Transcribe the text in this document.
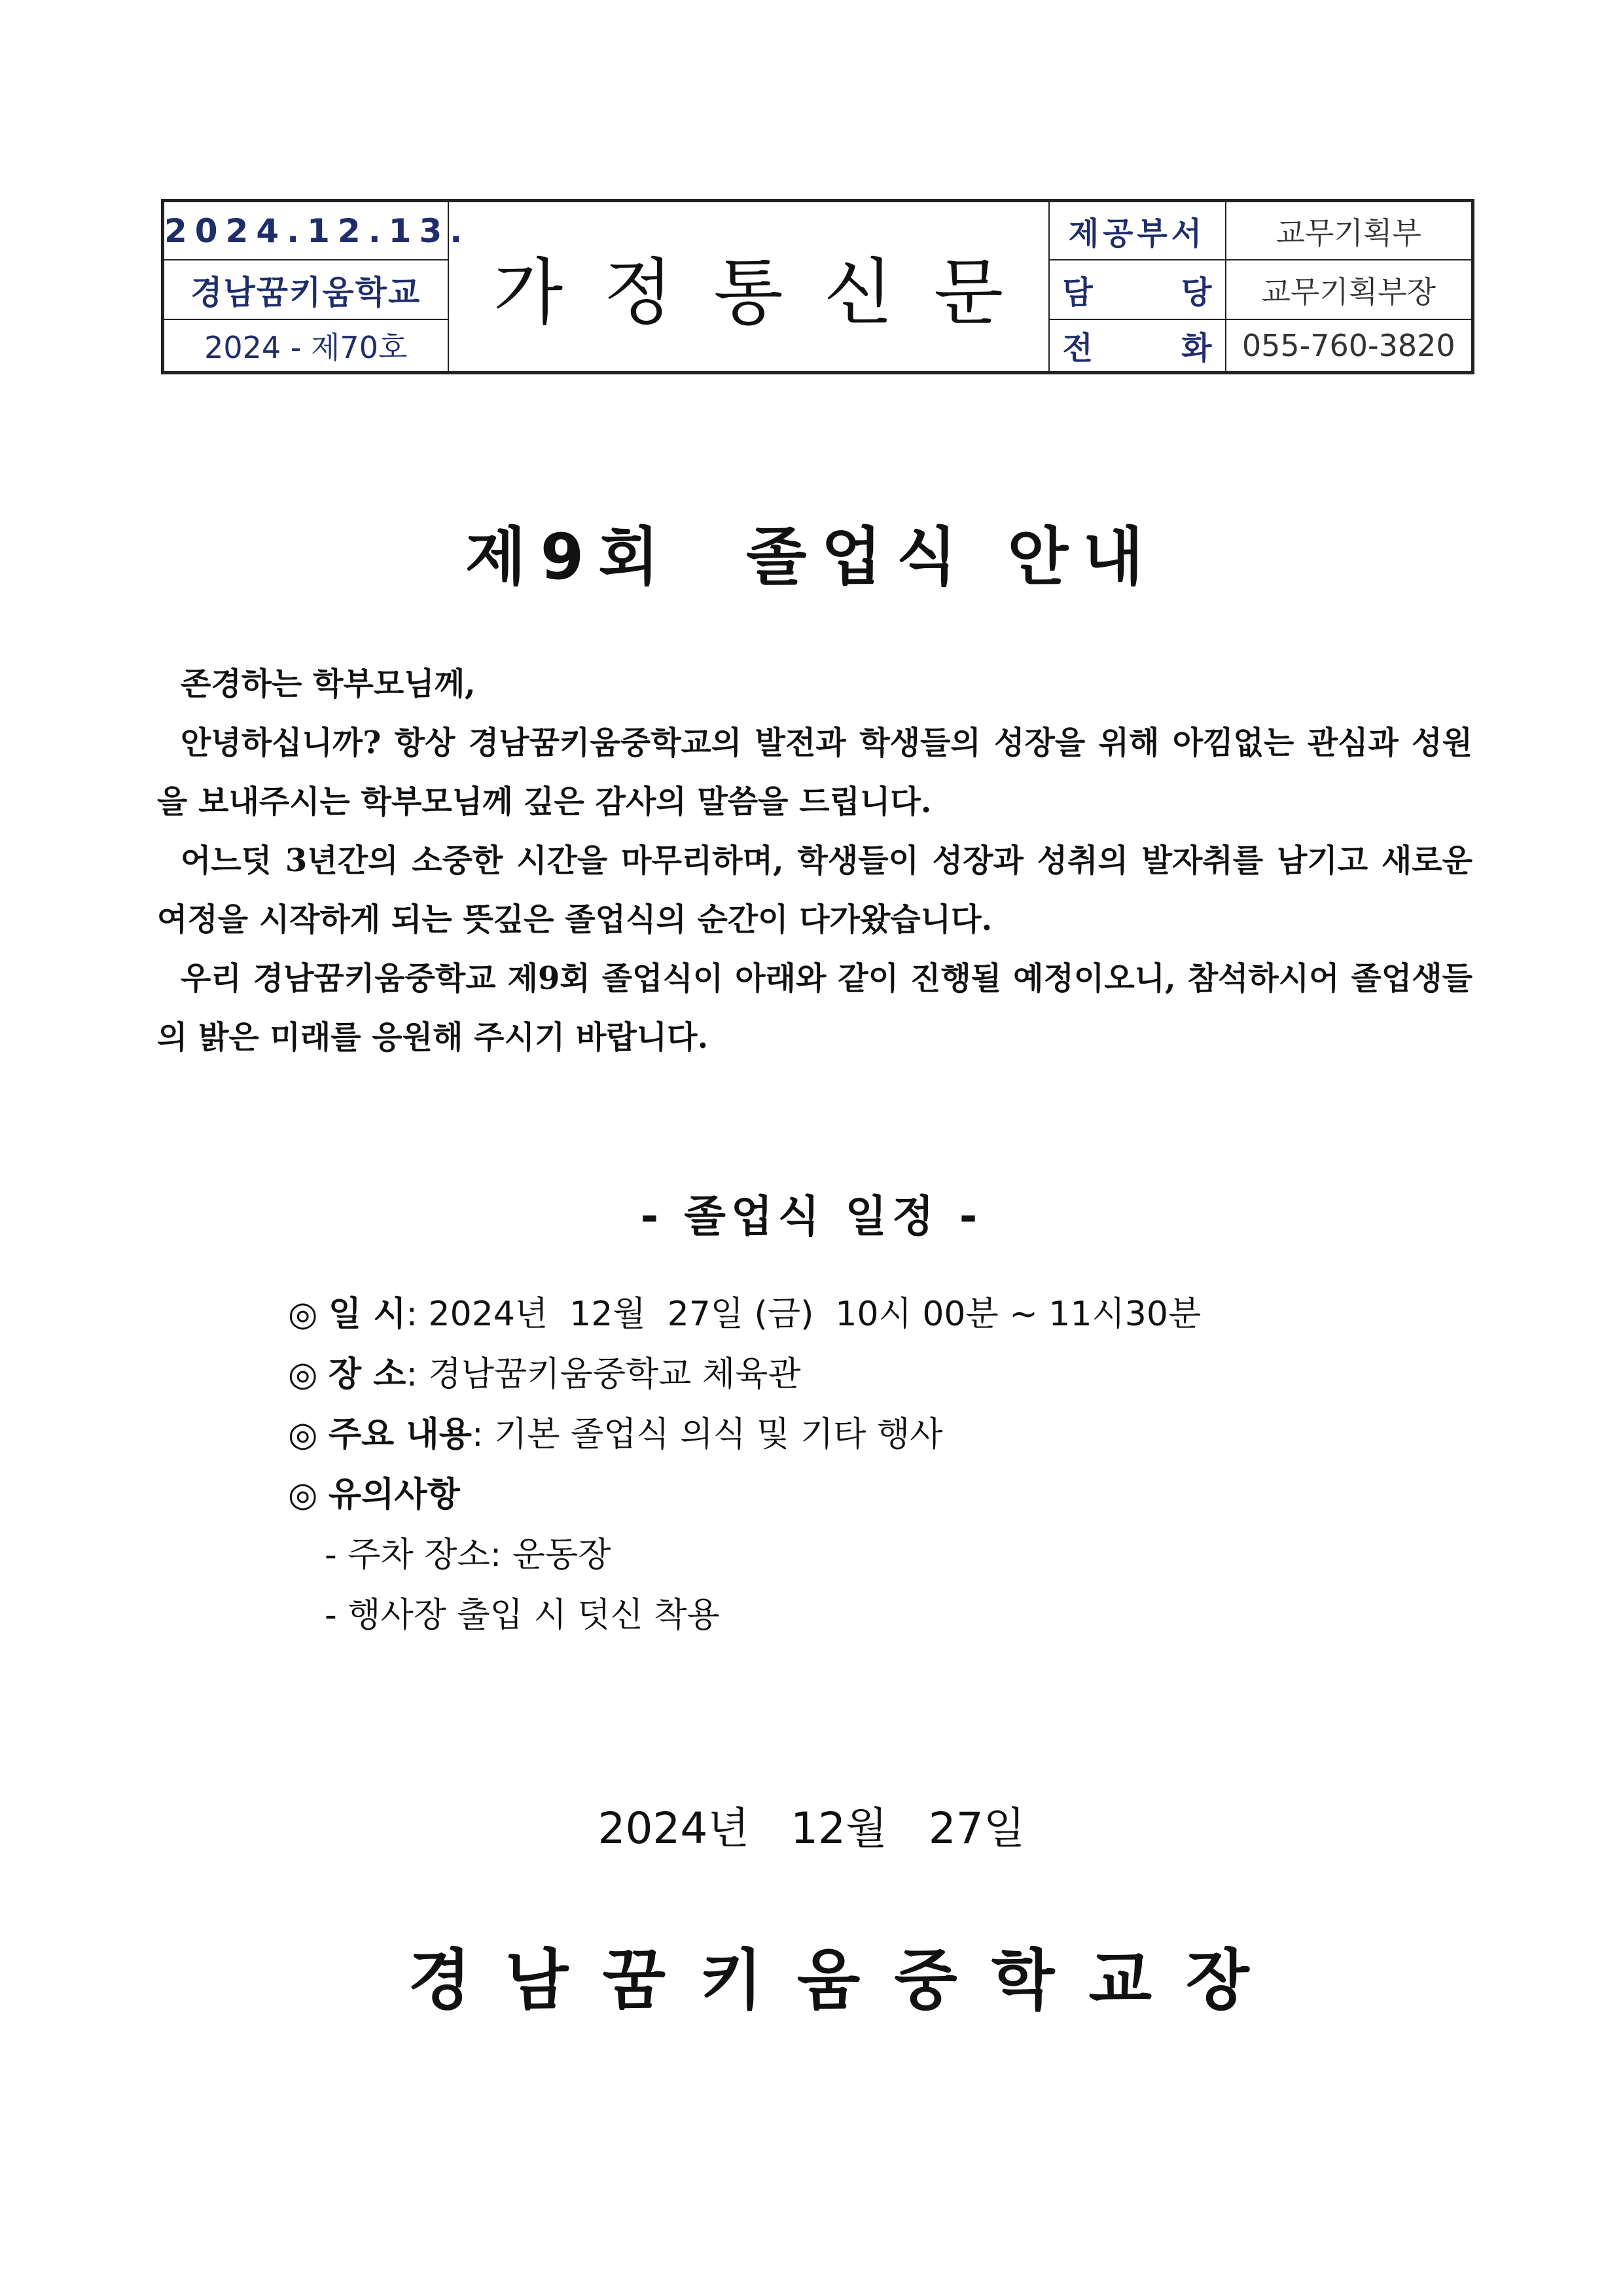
2024.12.13.	가정통신문	제공부서	교무기획부
경남꿈키움학교		담 당	교무기획부장
2024 - 제70호		전 화	055-760-3820
제9회  졸업식 안내

존경하는 학부모님께,

안녕하십니까? 항상 경남꿈키움중학교의 발전과 학생들의 성장을 위해 아낌없는 관심과 성원을 보내주시는 학부모님께 깊은 감사의 말씀을 드립니다.

어느덧 3년간의 소중한 시간을 마무리하며, 학생들이 성장과 성취의 발자취를 남기고 새로운 여정을 시작하게 되는 뜻깊은 졸업식의 순간이 다가왔습니다.

우리 경남꿈키움중학교 제9회 졸업식이 아래와 같이 진행될 예정이오니, 참석하시어 졸업생들의 밝은 미래를 응원해 주시기 바랍니다.

- 졸업식 일정 -
◎ 일 시: 2024년  12월  27일 (금)  10시 00분 ~ 11시30분
◎ 장 소: 경남꿈키움중학교 체육관
◎ 주요 내용: 기본 졸업식 의식 및 기타 행사
◎ 유의사항
- 주차 장소: 운동장
- 행사장 출입 시 덧신 착용
2024년   12월   27일
경남꿈키움중학교장
